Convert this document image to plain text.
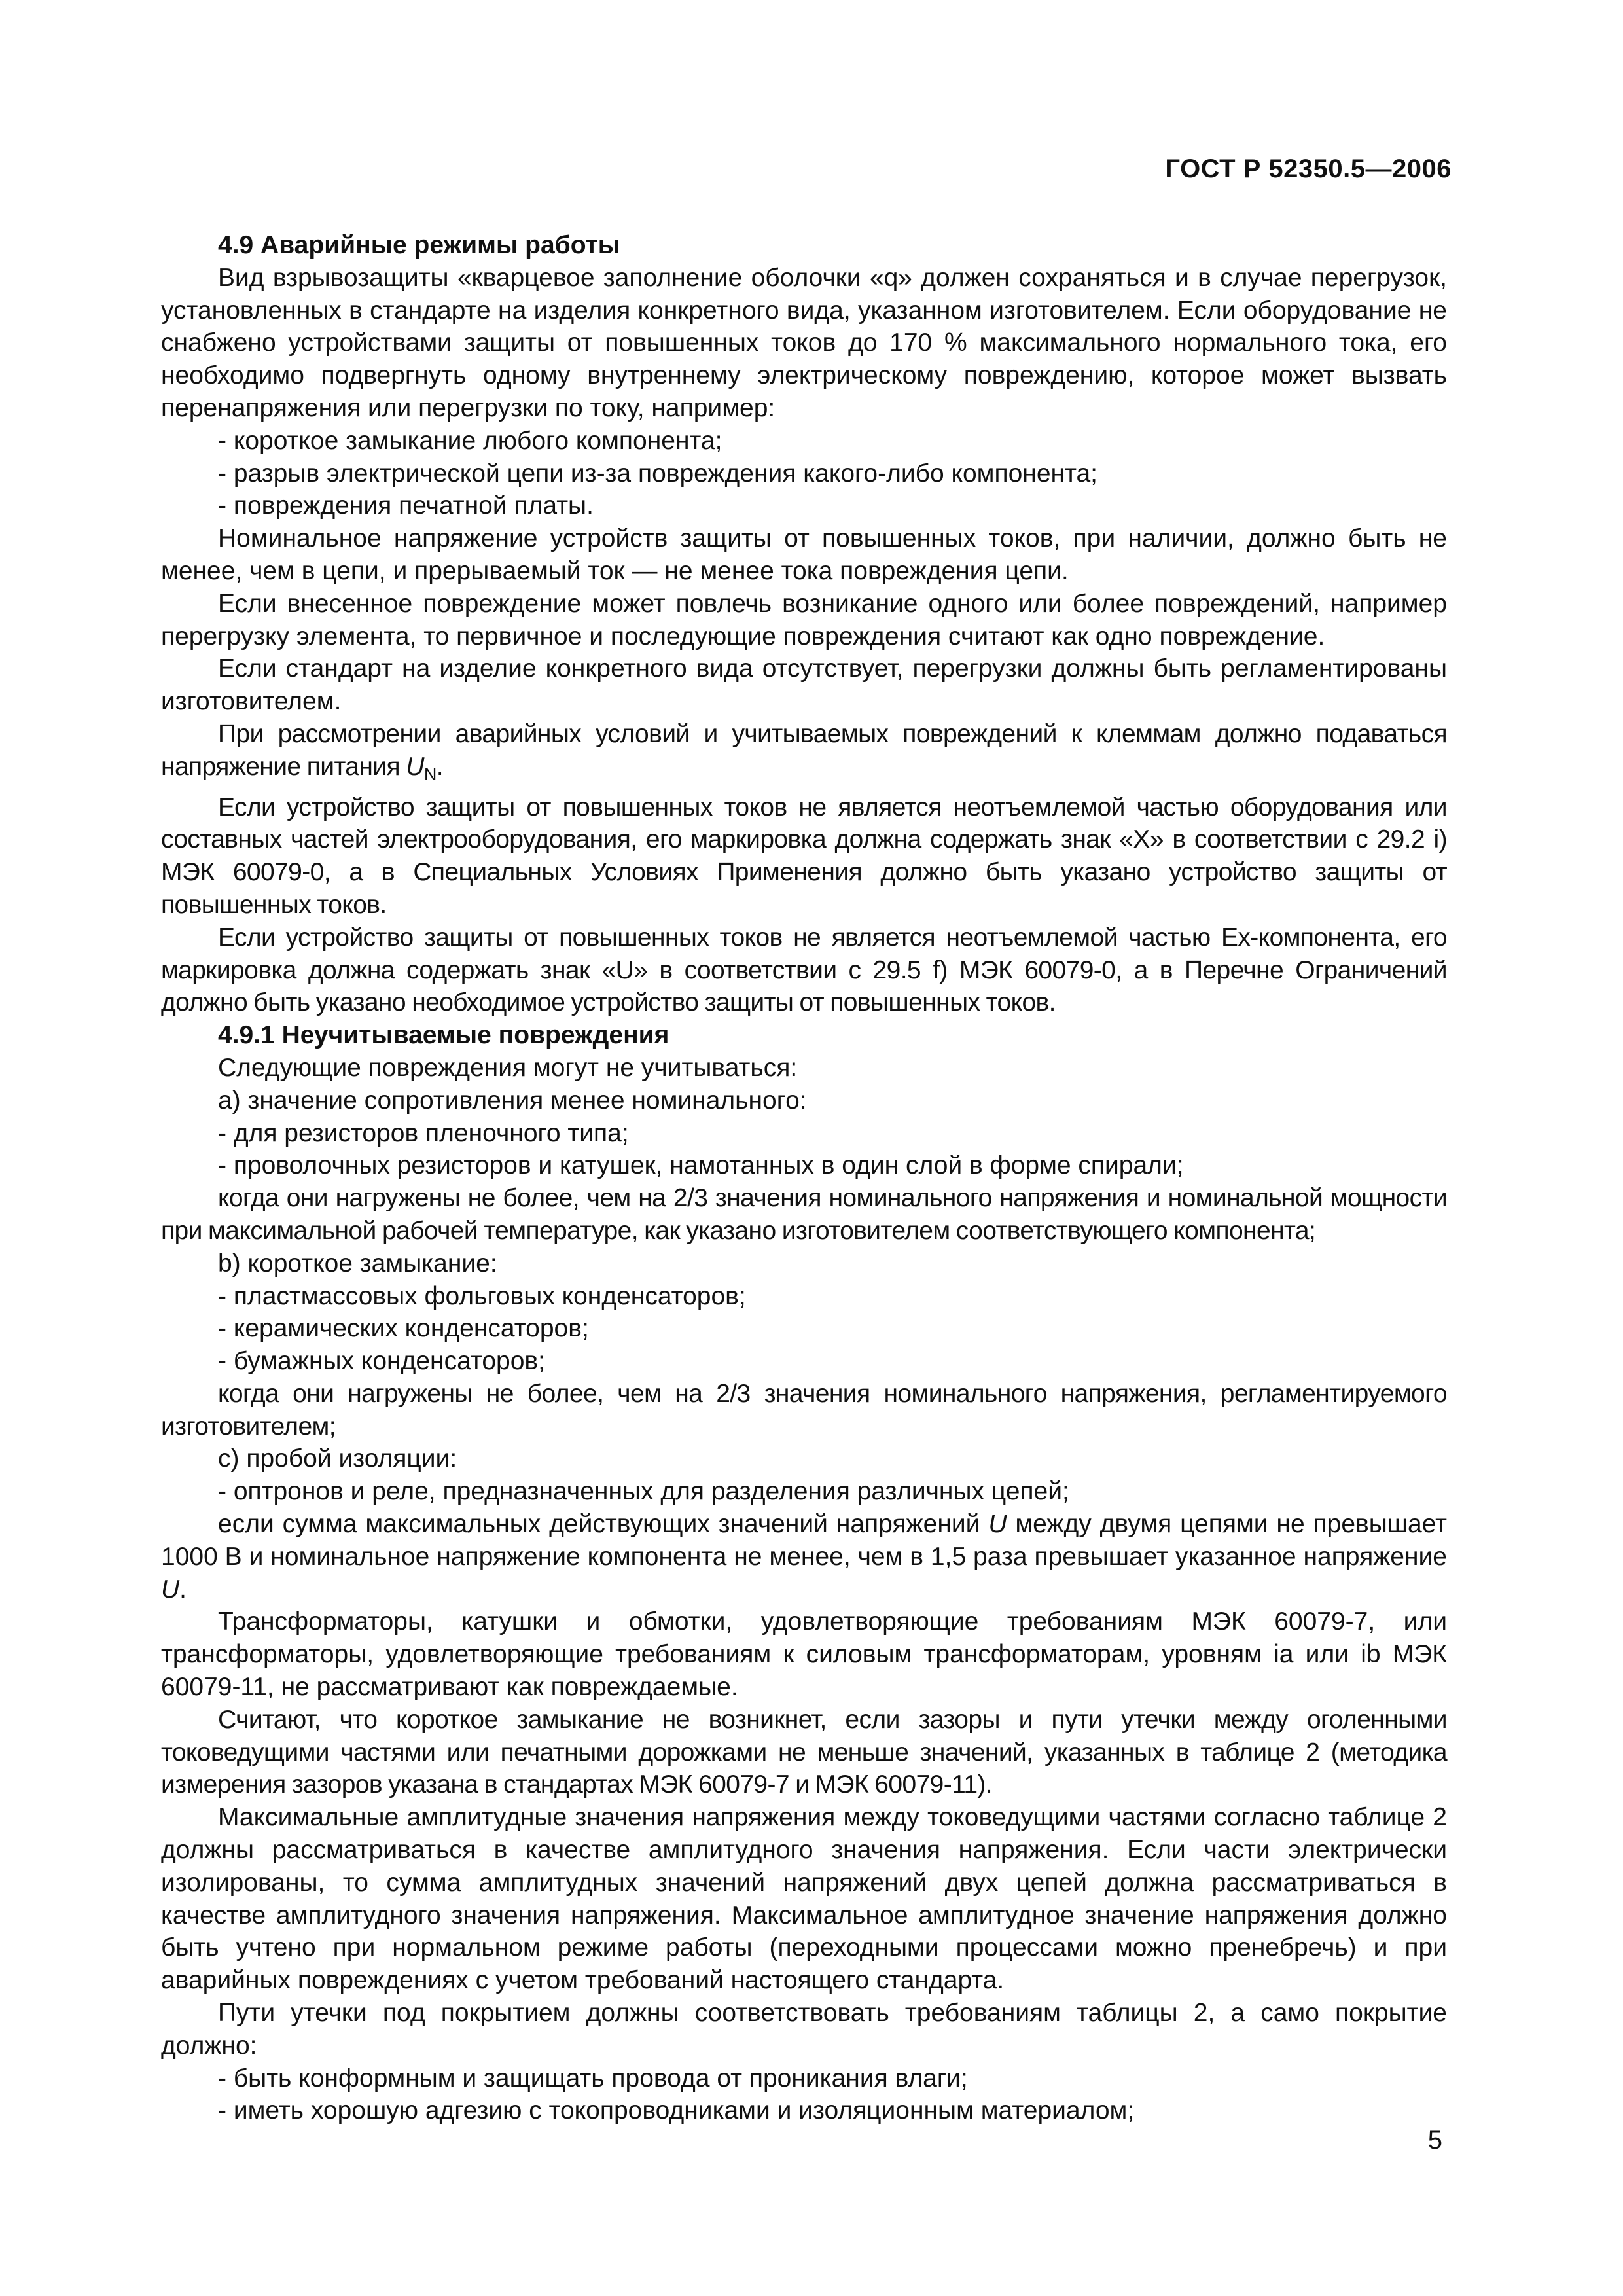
ГОСТ Р 52350.5—2006

4.9 Аварийные режимы работы

Вид взрывозащиты «кварцевое заполнение оболочки «q» должен сохраняться и в случае перегрузок, установленных в стандарте на изделия конкретного вида, указанном изготовителем. Если оборудование не снабжено устройствами защиты от повышенных токов до 170 % максимального нормального тока, его необходимо подвергнуть одному внутреннему электрическому повреждению, которое может вызвать перенапряжения или перегрузки по току, например:

- короткое замыкание любого компонента;

- разрыв электрической цепи из-за повреждения какого-либо компонента;

- повреждения печатной платы.

Номинальное напряжение устройств защиты от повышенных токов, при наличии, должно быть не менее, чем в цепи, и прерываемый ток — не менее тока повреждения цепи.

Если внесенное повреждение может повлечь возникание одного или более повреждений, например перегрузку элемента, то первичное и последующие повреждения считают как одно повреждение.

Если стандарт на изделие конкретного вида отсутствует, перегрузки должны быть регламентированы изготовителем.

При рассмотрении аварийных условий и учитываемых повреждений к клеммам должно подаваться напряжение питания $U_N$.

Если устройство защиты от повышенных токов не является неотъемлемой частью оборудования или составных частей электрооборудования, его маркировка должна содержать знак «X» в соответствии с 29.2 i) МЭК 60079-0, а в Специальных Условиях Применения должно быть указано устройство защиты от повышенных токов.

Если устройство защиты от повышенных токов не является неотъемлемой частью Ex-компонента, его маркировка должна содержать знак «U» в соответствии с 29.5 f) МЭК 60079-0, а в Перечне Ограничений должно быть указано необходимое устройство защиты от повышенных токов.

4.9.1 Неучитываемые повреждения

Следующие повреждения могут не учитываться:

a) значение сопротивления менее номинального:

- для резисторов пленочного типа;

- проволочных резисторов и катушек, намотанных в один слой в форме спирали;

когда они нагружены не более, чем на 2/3 значения номинального напряжения и номинальной мощности при максимальной рабочей температуре, как указано изготовителем соответствующего компонента;

b) короткое замыкание:

- пластмассовых фольговых конденсаторов;

- керамических конденсаторов;

- бумажных конденсаторов;

когда они нагружены не более, чем на 2/3 значения номинального напряжения, регламентируемого изготовителем;

c) пробой изоляции:

- оптронов и реле, предназначенных для разделения различных цепей;

если сумма максимальных действующих значений напряжений U между двумя цепями не превышает 1000 В и номинальное напряжение компонента не менее, чем в 1,5 раза превышает указанное напряжение U.

Трансформаторы, катушки и обмотки, удовлетворяющие требованиям МЭК 60079-7, или трансформаторы, удовлетворяющие требованиям к силовым трансформаторам, уровням ia или ib МЭК 60079-11, не рассматривают как повреждаемые.

Считают, что короткое замыкание не возникнет, если зазоры и пути утечки между оголенными токоведущими частями или печатными дорожками не меньше значений, указанных в таблице 2 (методика измерения зазоров указана в стандартах МЭК 60079-7 и МЭК 60079-11).

Максимальные амплитудные значения напряжения между токоведущими частями согласно таблице 2 должны рассматриваться в качестве амплитудного значения напряжения. Если части электрически изолированы, то сумма амплитудных значений напряжений двух цепей должна рассматриваться в качестве амплитудного значения напряжения. Максимальное амплитудное значение напряжения должно быть учтено при нормальном режиме работы (переходными процессами можно пренебречь) и при аварийных повреждениях с учетом требований настоящего стандарта.

Пути утечки под покрытием должны соответствовать требованиям таблицы 2, а само покрытие должно:

- быть конформным и защищать провода от проникания влаги;

- иметь хорошую адгезию с токопроводниками и изоляционным материалом;

5
